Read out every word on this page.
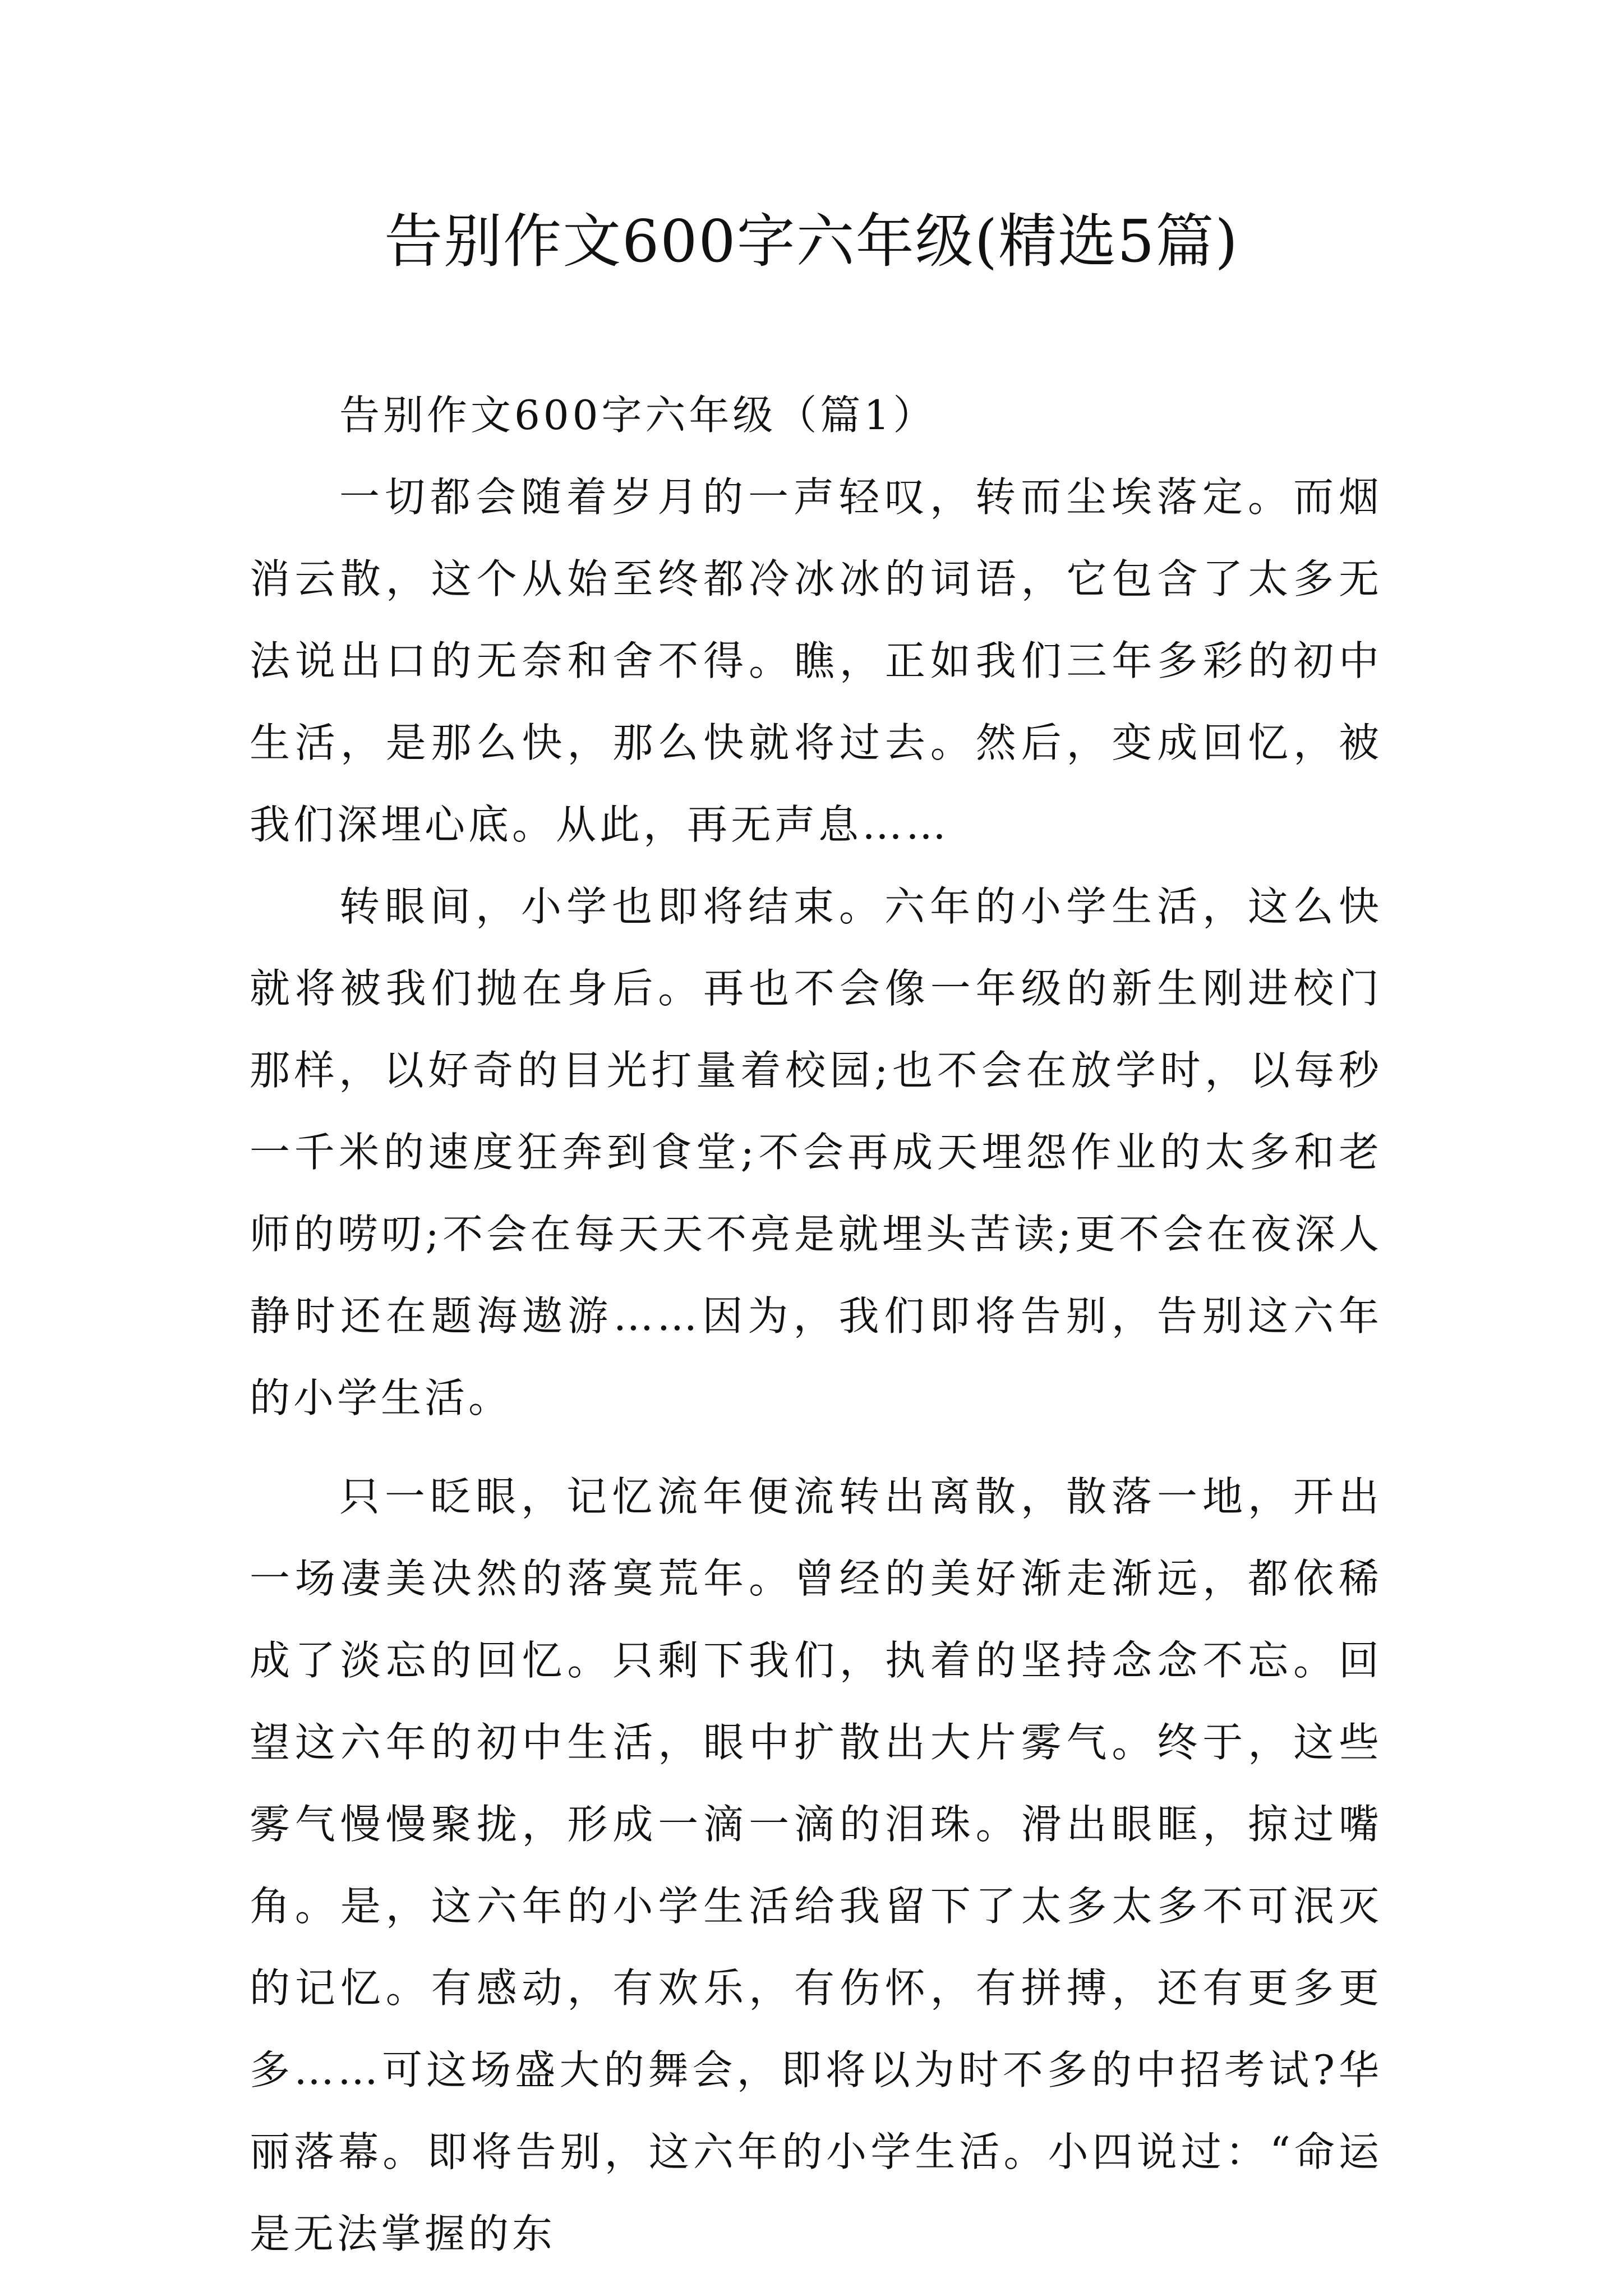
告别作文600字六年级(精选5篇)
告别作文600字六年级（篇1）

一切都会随着岁月的一声轻叹，转而尘埃落定。而烟消云散，这个从始至终都冷冰冰的词语，它包含了太多无法说出口的无奈和舍不得。瞧，正如我们三年多彩的初中生活，是那么快，那么快就将过去。然后，变成回忆，被我们深埋心底。从此，再无声息……

转眼间，小学也即将结束。六年的小学生活，这么快就将被我们抛在身后。再也不会像一年级的新生刚进校门那样，以好奇的目光打量着校园;也不会在放学时，以每秒一千米的速度狂奔到食堂;不会再成天埋怨作业的太多和老师的唠叨;不会在每天天不亮是就埋头苦读;更不会在夜深人静时还在题海遨游……因为，我们即将告别，告别这六年的小学生活。

只一眨眼，记忆流年便流转出离散，散落一地，开出一场凄美决然的落寞荒年。曾经的美好渐走渐远，都依稀成了淡忘的回忆。只剩下我们，执着的坚持念念不忘。回望这六年的初中生活，眼中扩散出大片雾气。终于，这些雾气慢慢聚拢，形成一滴一滴的泪珠。滑出眼眶，掠过嘴角。是，这六年的小学生活给我留下了太多太多不可泯灭的记忆。有感动，有欢乐，有伤怀，有拼搏，还有更多更多……可这场盛大的舞会，即将以为时不多的中招考试?华丽落幕。即将告别，这六年的小学生活。小四说过：“命运是无法掌握的东
